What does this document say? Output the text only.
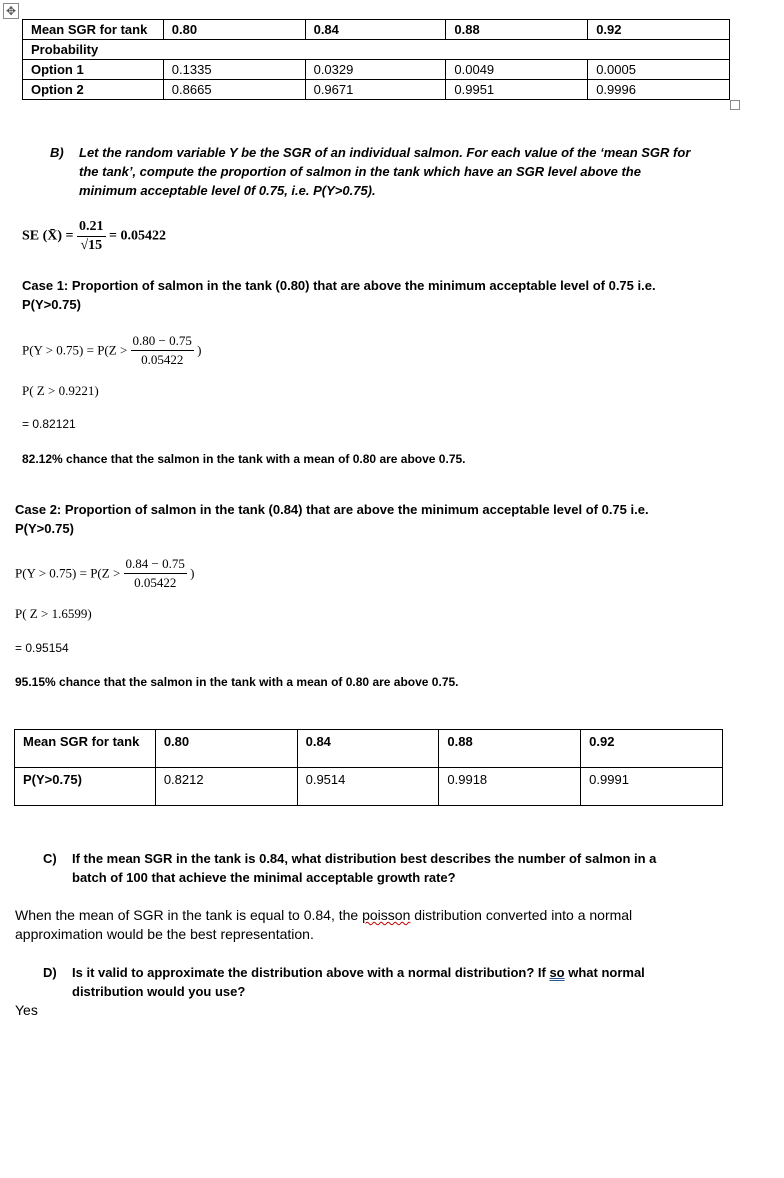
✥
Mean SGR for tank	0.80	0.84	0.88	0.92
Probability				
Option 1	0.1335	0.0329	0.0049	0.0005
Option 2	0.8665	0.9671	0.9951	0.9996
B) Let the random variable Y be the SGR of an individual salmon. For each value of the ‘mean SGR for

the tank’, compute the proportion of salmon in the tank which have an SGR level above the

minimum acceptable level 0f 0.75, i.e. P(Y>0.75).

SE (X̄) = $\frac{0.21}{√15} = 0.05422$

Case 1: Proportion of salmon in the tank (0.80) that are above the minimum acceptable level of 0.75 i.e.

P(Y>0.75)

$P(Y > 0.75) = P(Z > \frac{0.80 - 0.75}{0.05422}$ )
P( Z > 0.9221)
= 0.82121
82.12% chance that the salmon in the tank with a mean of 0.80 are above 0.75.

Case 2: Proportion of salmon in the tank (0.84) that are above the minimum acceptable level of 0.75 i.e.

P(Y>0.75)

$P(Y > 0.75) = P(Z > \frac{0.84 - 0.75}{0.05422}$ )
P( Z > 1.6599)
= 0.95154
95.15% chance that the salmon in the tank with a mean of 0.80 are above 0.75.
Mean SGR for tank	0.80	0.84	0.88	0.92
P(Y>0.75)	0.8212	0.9514	0.9918	0.9991
C) If the mean SGR in the tank is 0.84, what distribution best describes the number of salmon in a

batch of 100 that achieve the minimal acceptable growth rate?

When the mean of SGR in the tank is equal to 0.84, the poisson distribution converted into a normal

approximation would be the best representation.

D) Is it valid to approximate the distribution above with a normal distribution? If so what normal

distribution would you use?

Yes
